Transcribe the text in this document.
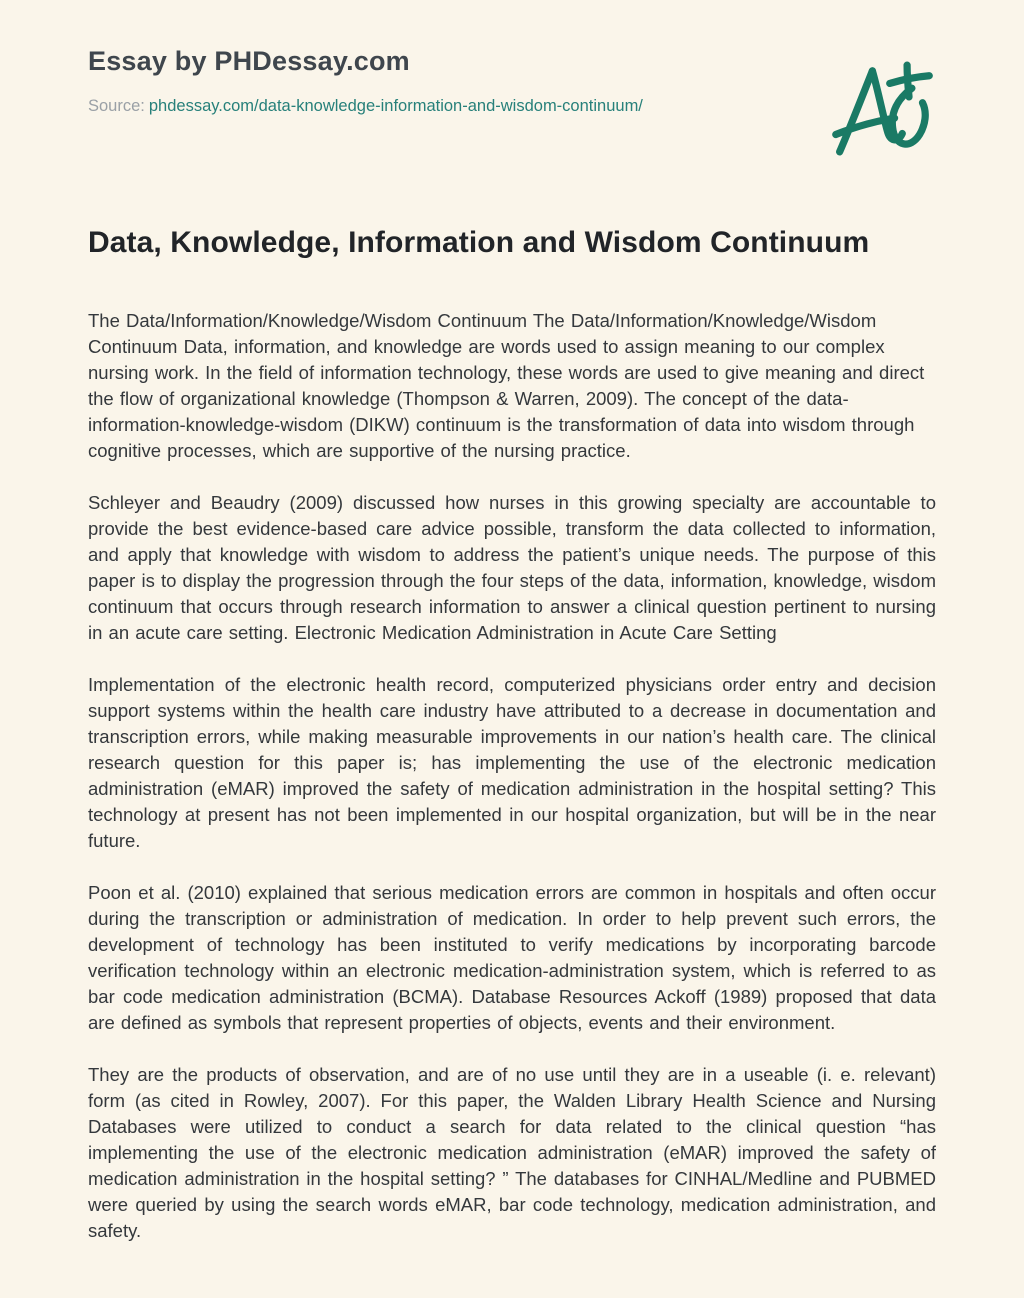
Essay by PHDessay.com
Source: phdessay.com/data-knowledge-information-and-wisdom-continuum/
Data, Knowledge, Information and Wisdom Continuum

The Data/Information/Knowledge/Wisdom Continuum The Data/Information/Knowledge/Wisdom Continuum Data, information, and knowledge are words used to assign meaning to our complex nursing work. In the field of information technology, these words are used to give meaning and direct the flow of organizational knowledge (Thompson & Warren, 2009). The concept of the data-information-knowledge-wisdom (DIKW) continuum is the transformation of data into wisdom through cognitive processes, which are supportive of the nursing practice.

Schleyer and Beaudry (2009) discussed how nurses in this growing specialty are accountable to provide the best evidence-based care advice possible, transform the data collected to information, and apply that knowledge with wisdom to address the patient’s unique needs. The purpose of this paper is to display the progression through the four steps of the data, information, knowledge, wisdom continuum that occurs through research information to answer a clinical question pertinent to nursing in an acute care setting. Electronic Medication Administration in Acute Care Setting

Implementation of the electronic health record, computerized physicians order entry and decision support systems within the health care industry have attributed to a decrease in documentation and transcription errors, while making measurable improvements in our nation’s health care. The clinical research question for this paper is; has implementing the use of the electronic medication administration (eMAR) improved the safety of medication administration in the hospital setting? This technology at present has not been implemented in our hospital organization, but will be in the near future.

Poon et al. (2010) explained that serious medication errors are common in hospitals and often occur during the transcription or administration of medication. In order to help prevent such errors, the development of technology has been instituted to verify medications by incorporating barcode verification technology within an electronic medication-administration system, which is referred to as bar code medication administration (BCMA). Database Resources Ackoff (1989) proposed that data are defined as symbols that represent properties of objects, events and their environment.

They are the products of observation, and are of no use until they are in a useable (i. e. relevant) form (as cited in Rowley, 2007). For this paper, the Walden Library Health Science and Nursing Databases were utilized to conduct a search for data related to the clinical question “has implementing the use of the electronic medication administration (eMAR) improved the safety of medication administration in the hospital setting? ” The databases for CINHAL/Medline and PUBMED were queried by using the search words eMAR, bar code technology, medication administration, and safety.
